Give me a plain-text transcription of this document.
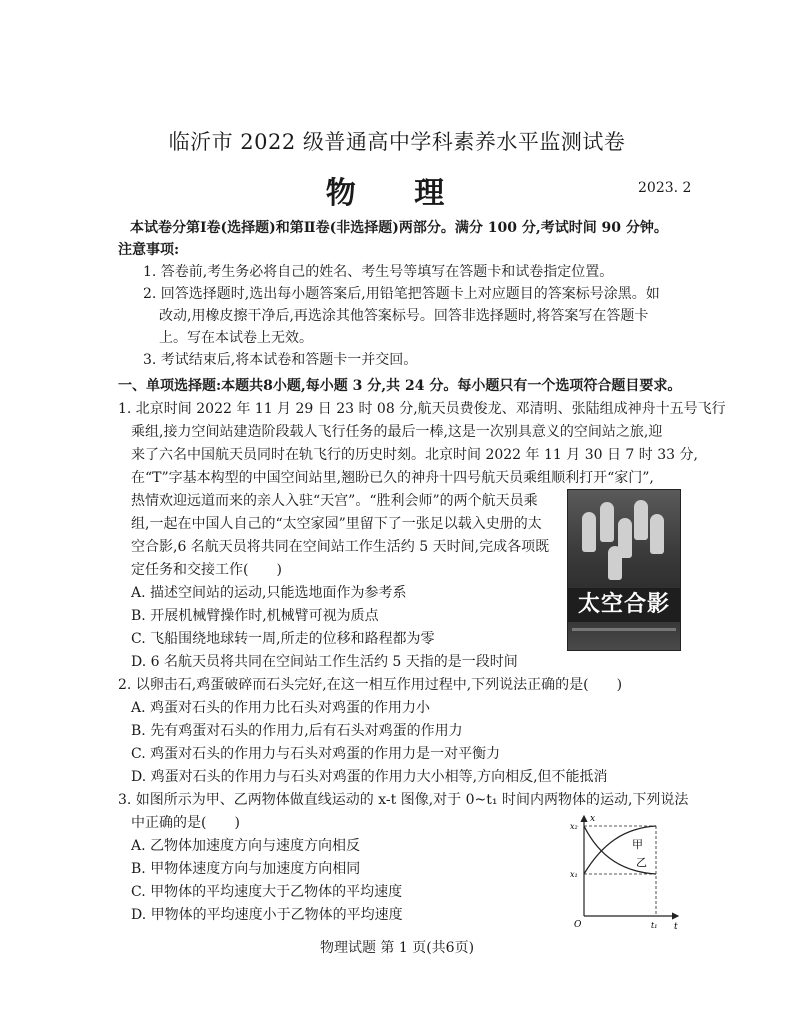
临沂市 2022 级普通高中学科素养水平监测试卷
物 理	2023. 2
本试卷分第Ⅰ卷(选择题)和第Ⅱ卷(非选择题)两部分。满分 100 分,考试时间 90 分钟。
注意事项:
1. 答卷前,考生务必将自己的姓名、考生号等填写在答题卡和试卷指定位置。
2. 回答选择题时,选出每小题答案后,用铅笔把答题卡上对应题目的答案标号涂黑。如
改动,用橡皮擦干净后,再选涂其他答案标号。回答非选择题时,将答案写在答题卡
上。写在本试卷上无效。
3. 考试结束后,将本试卷和答题卡一并交回。
一、单项选择题:本题共8小题,每小题 3 分,共 24 分。每小题只有一个选项符合题目要求。
1. 北京时间 2022 年 11 月 29 日 23 时 08 分,航天员费俊龙、邓清明、张陆组成神舟十五号飞行
乘组,接力空间站建造阶段载人飞行任务的最后一棒,这是一次别具意义的空间站之旅,迎
来了六名中国航天员同时在轨飞行的历史时刻。北京时间 2022 年 11 月 30 日 7 时 33 分,
在“T”字基本构型的中国空间站里,翘盼已久的神舟十四号航天员乘组顺利打开“家门”,
热情欢迎远道而来的亲人入驻“天宫”。“胜利会师”的两个航天员乘
组,一起在中国人自己的“太空家园”里留下了一张足以载入史册的太
空合影,6 名航天员将共同在空间站工作生活约 5 天时间,完成各项既
定任务和交接工作(　　)
A. 描述空间站的运动,只能选地面作为参考系
B. 开展机械臂操作时,机械臂可视为质点
C. 飞船围绕地球转一周,所走的位移和路程都为零
D. 6 名航天员将共同在空间站工作生活约 5 天指的是一段时间
太空合影
2. 以卵击石,鸡蛋破碎而石头完好,在这一相互作用过程中,下列说法正确的是(　　)
A. 鸡蛋对石头的作用力比石头对鸡蛋的作用力小
B. 先有鸡蛋对石头的作用力,后有石头对鸡蛋的作用力
C. 鸡蛋对石头的作用力与石头对鸡蛋的作用力是一对平衡力
D. 鸡蛋对石头的作用力与石头对鸡蛋的作用力大小相等,方向相反,但不能抵消
3. 如图所示为甲、乙两物体做直线运动的 x-t 图像,对于 0~t₁ 时间内两物体的运动,下列说法
中正确的是(　　)
A. 乙物体加速度方向与速度方向相反
B. 甲物体速度方向与加速度方向相同
C. 甲物体的平均速度大于乙物体的平均速度
D. 甲物体的平均速度小于乙物体的平均速度
x
t
O
x₂
x₁
t₁
甲
乙
物理试题 第 1 页(共6页)
